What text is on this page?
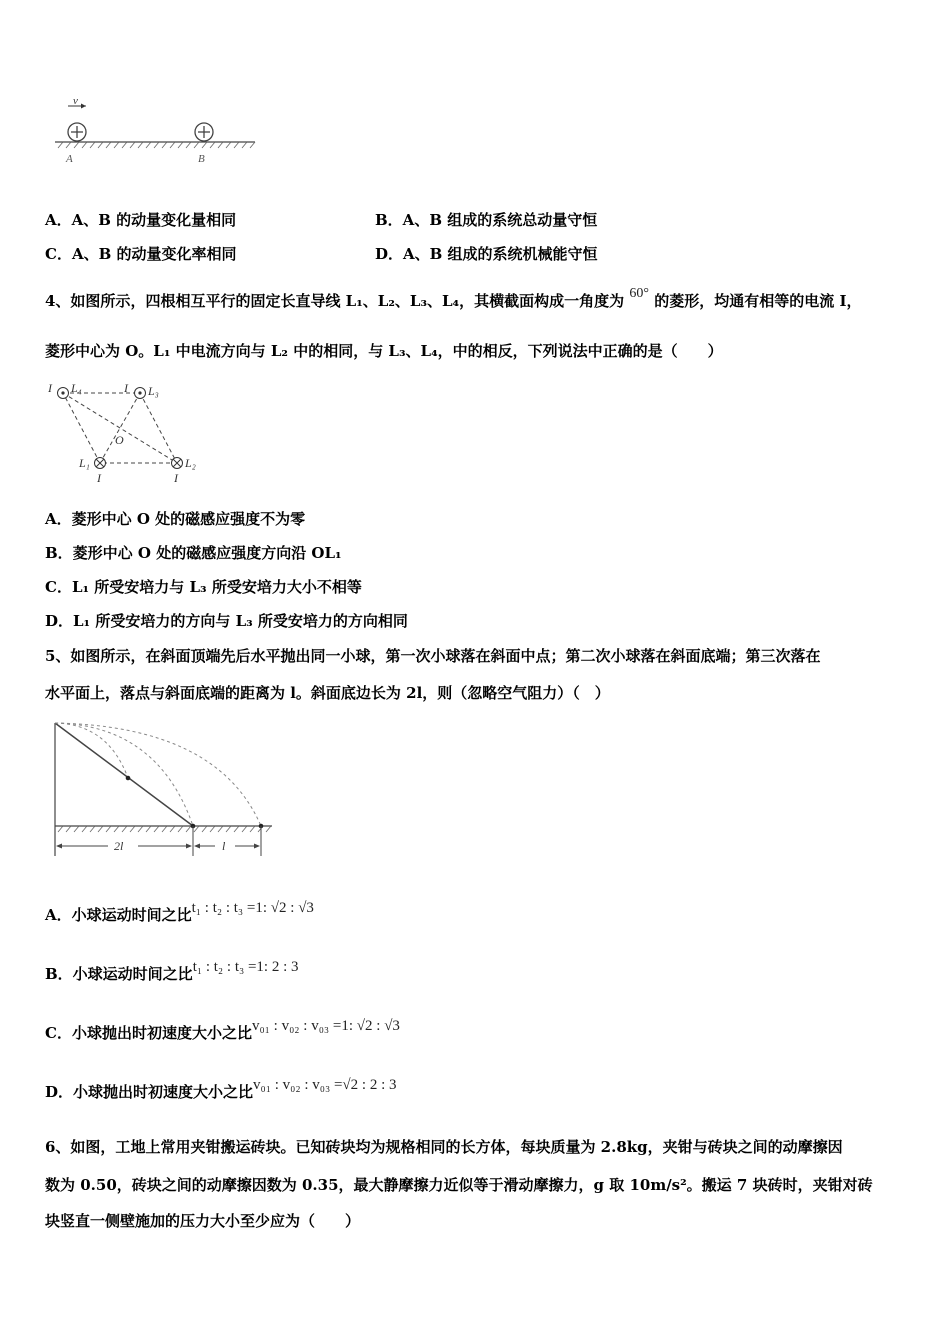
v
A	B
A．A、B 的动量变化量相同	B．A、B 组成的系统总动量守恒
C．A、B 的动量变化率相同	D．A、B 组成的系统机械能守恒
4、如图所示，四根相互平行的固定长直导线 L₁、L₂、L₃、L₄，其横截面构成一角度为 60° 的菱形，均通有相等的电流 I，
菱形中心为 O。L₁ 中电流方向与 L₂ 中的相同，与 L₃、L₄，中的相反，下列说法中正确的是（　　）
I L₄	I L₃
O
L₁	L₂
I	I
A．菱形中心 O 处的磁感应强度不为零
B．菱形中心 O 处的磁感应强度方向沿 OL₁
C．L₁ 所受安培力与 L₃ 所受安培力大小不相等
D．L₁ 所受安培力的方向与 L₃ 所受安培力的方向相同
5、如图所示，在斜面顶端先后水平抛出同一小球，第一次小球落在斜面中点；第二次小球落在斜面底端；第三次落在
水平面上，落点与斜面底端的距离为 l。斜面底边长为 2l，则（忽略空气阻力）（　）
2l	l
A．小球运动时间之比t₁ : t₂ : t₃ =1: √2 : √3
B．小球运动时间之比t₁ : t₂ : t₃ =1: 2 : 3
C．小球抛出时初速度大小之比v₀₁ : v₀₂ : v₀₃ =1: √2 : √3
D．小球抛出时初速度大小之比v₀₁ : v₀₂ : v₀₃ =√2 : 2 : 3
6、如图，工地上常用夹钳搬运砖块。已知砖块均为规格相同的长方体，每块质量为 2.8kg，夹钳与砖块之间的动摩擦因
数为 0.50，砖块之间的动摩擦因数为 0.35，最大静摩擦力近似等于滑动摩擦力，g 取 10m/s²。搬运 7 块砖时，夹钳对砖
块竖直一侧壁施加的压力大小至少应为（　　）
